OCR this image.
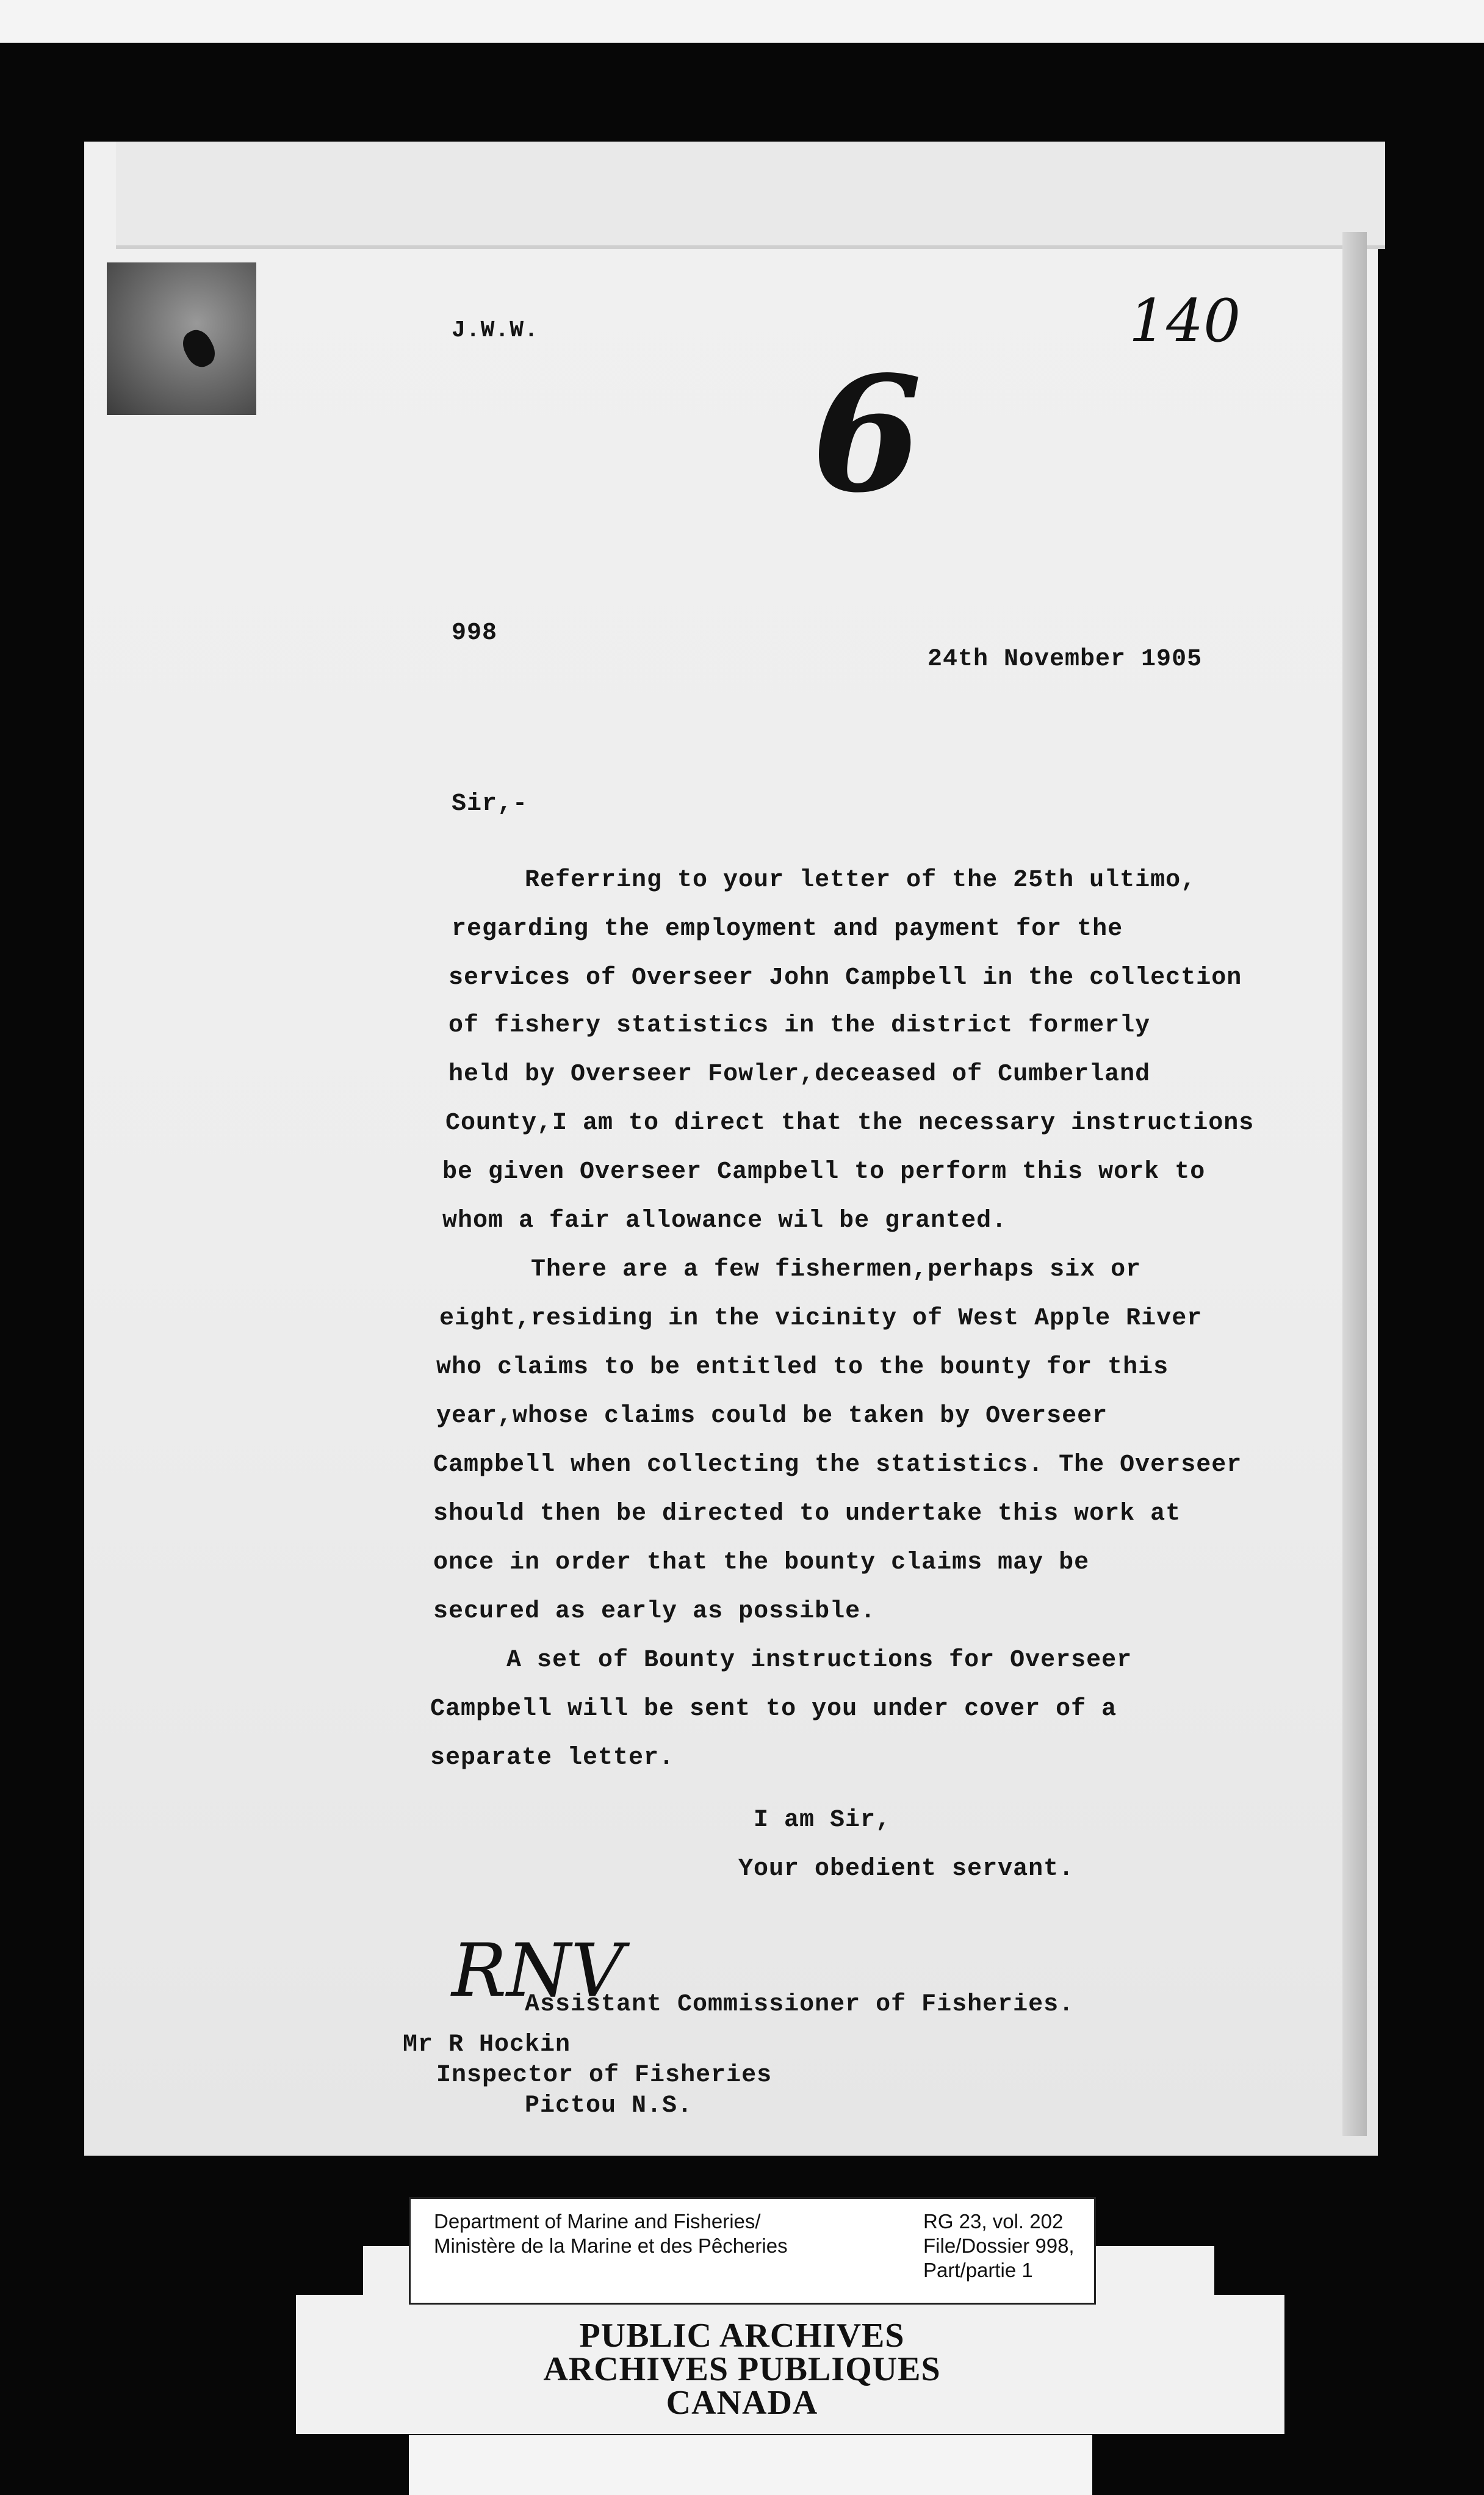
J.W.W.	140
6
998
24th November 1905
Sir,-
Referring to your letter of the 25th ultimo,
regarding the employment and payment for the
services of Overseer John Campbell in the collection
of fishery statistics in the district formerly
held by Overseer Fowler,deceased of Cumberland
County,I am to direct that the necessary instructions
be given Overseer Campbell to perform this work to
whom a fair allowance wil be granted.
There are a few fishermen,perhaps six or
eight,residing in the vicinity of West Apple River
who claims to be entitled to the bounty for this
year,whose claims could be taken by Overseer
Campbell when collecting the statistics. The Overseer
should then be directed to undertake this work at
once in order that the bounty claims may be
secured as early as possible.
A set of Bounty instructions for Overseer
Campbell will be sent to you under cover of a
separate letter.
I am Sir,
Your obedient servant.
RNV
Assistant Commissioner of Fisheries.
Mr R Hockin
Inspector of Fisheries
Pictou N.S.
Department of Marine and Fisheries/
Ministère de la Marine et des Pêcheries
RG 23, vol. 202
File/Dossier 998,
Part/partie 1
PUBLIC ARCHIVES
ARCHIVES PUBLIQUES
CANADA
